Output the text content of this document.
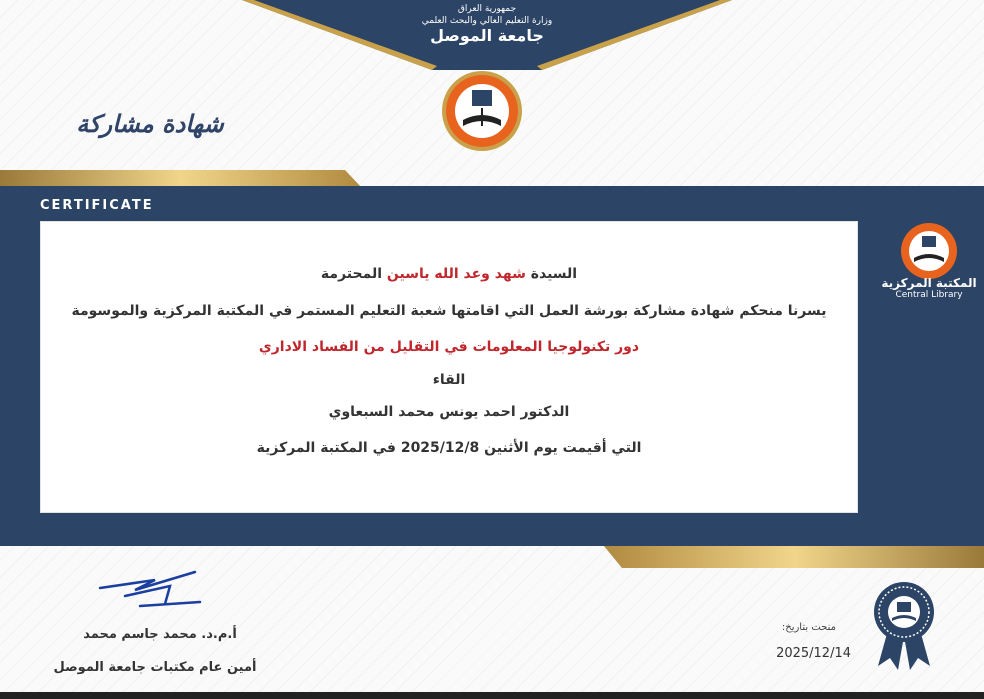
جمهورية العراق
وزارة التعليم العالي والبحث العلمي
جامعة الموصل
شهادة مشاركة
CERTIFICATE
السيدة شهد وعد الله ياسين المحترمة
يسرنا منحكم شهادة مشاركة بورشة العمل التي اقامتها شعبة التعليم المستمر في المكتبة المركزية والموسومة
دور تكنولوجيا المعلومات في التقليل من الفساد الاداري
القاء
الدكتور احمد يونس محمد السبعاوي
التي أقيمت يوم الأثنين 2025/12/8 في المكتبة المركزية
المكتبة المركزية
Central Library
أ.م.د. محمد جاسم محمد
أمين عام مكتبات جامعة الموصل
منحت بتاريخ:
2025/12/14
